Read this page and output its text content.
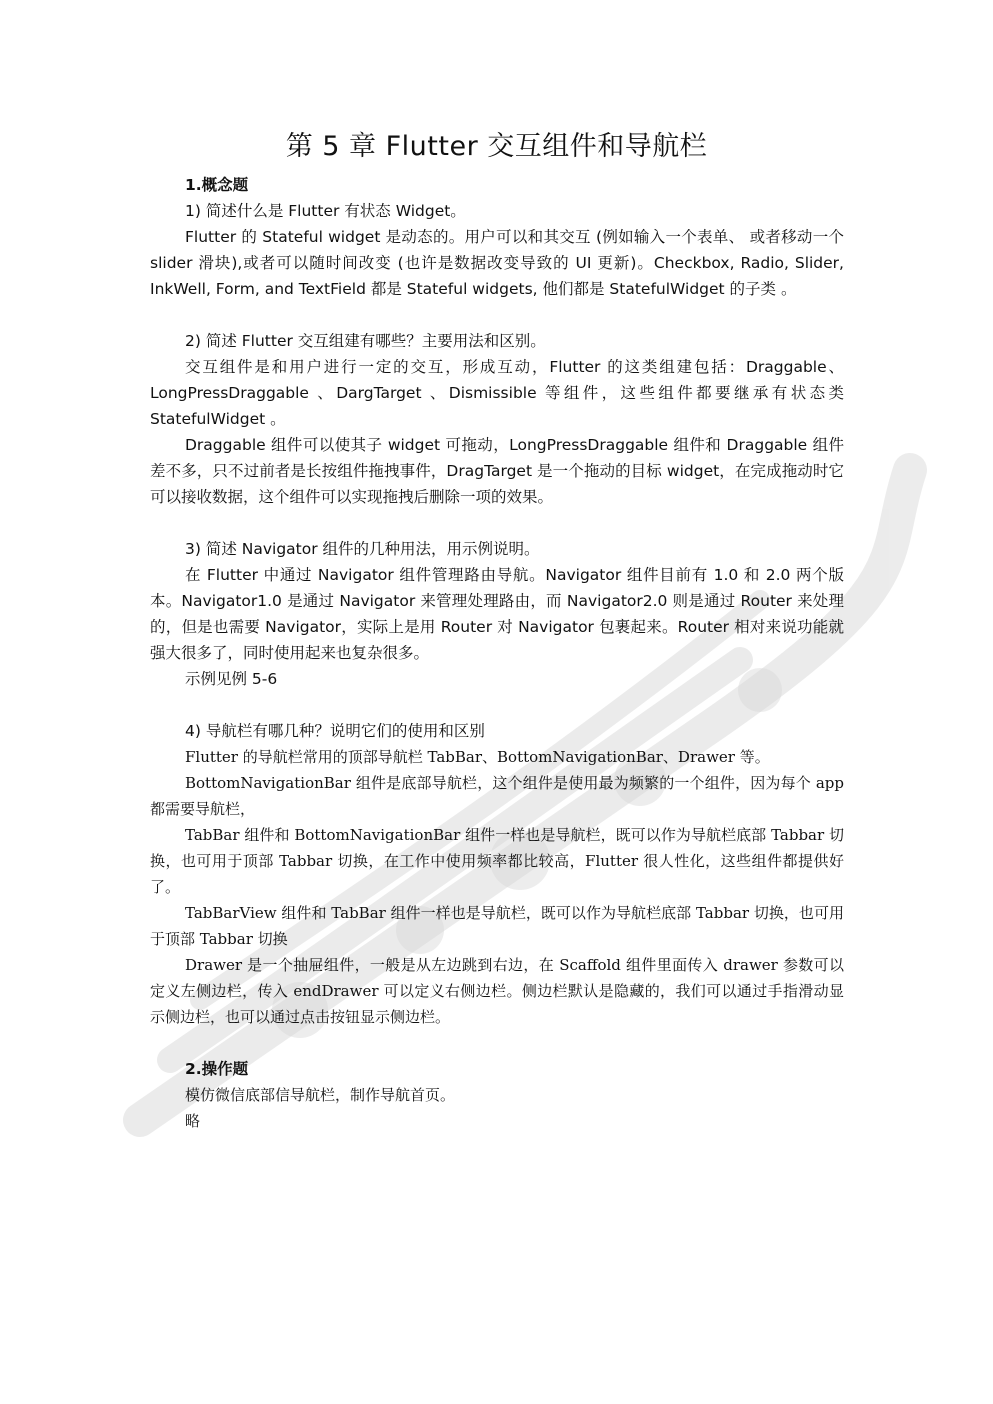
第 5 章 Flutter 交互组件和导航栏

1.概念题

1) 简述什么是 Flutter 有状态 Widget。

Flutter 的 Stateful widget 是动态的。用户可以和其交互 (例如输入一个表单、 或者移动一个 slider 滑块),或者可以随时间改变 (也许是数据改变导致的 UI 更新)。Checkbox, Radio, Slider, InkWell, Form, and TextField 都是 Stateful widgets, 他们都是 StatefulWidget 的子类 。

2) 简述 Flutter 交互组建有哪些？主要用法和区别。

交互组件是和用户进行一定的交互，形成互动，Flutter 的这类组建包括：Draggable、LongPressDraggable 、DargTarget 、Dismissible 等组件，这些组件都要继承有状态类 StatefulWidget 。

Draggable 组件可以使其子 widget 可拖动，LongPressDraggable 组件和 Draggable 组件差不多，只不过前者是长按组件拖拽事件，DragTarget 是一个拖动的目标 widget，在完成拖动时它可以接收数据，这个组件可以实现拖拽后删除一项的效果。

3) 简述 Navigator 组件的几种用法，用示例说明。

在 Flutter 中通过 Navigator 组件管理路由导航。Navigator 组件目前有 1.0 和 2.0 两个版本。Navigator1.0 是通过 Navigator 来管理处理路由，而 Navigator2.0 则是通过 Router 来处理的，但是也需要 Navigator，实际上是用 Router 对 Navigator 包裹起来。Router 相对来说功能就强大很多了，同时使用起来也复杂很多。

示例见例 5-6

4) 导航栏有哪几种？说明它们的使用和区别

Flutter 的导航栏常用的顶部导航栏 TabBar、BottomNavigationBar、Drawer 等。

BottomNavigationBar 组件是底部导航栏，这个组件是使用最为频繁的一个组件，因为每个 app 都需要导航栏，

TabBar 组件和 BottomNavigationBar 组件一样也是导航栏，既可以作为导航栏底部 Tabbar 切换，也可用于顶部 Tabbar 切换，在工作中使用频率都比较高，Flutter 很人性化，这些组件都提供好了。

TabBarView 组件和 TabBar 组件一样也是导航栏，既可以作为导航栏底部 Tabbar 切换，也可用于顶部 Tabbar 切换

Drawer 是一个抽屉组件，一般是从左边跳到右边，在 Scaffold 组件里面传入 drawer 参数可以定义左侧边栏，传入 endDrawer 可以定义右侧边栏。侧边栏默认是隐藏的，我们可以通过手指滑动显示侧边栏，也可以通过点击按钮显示侧边栏。

2.操作题

模仿微信底部信导航栏，制作导航首页。

略
